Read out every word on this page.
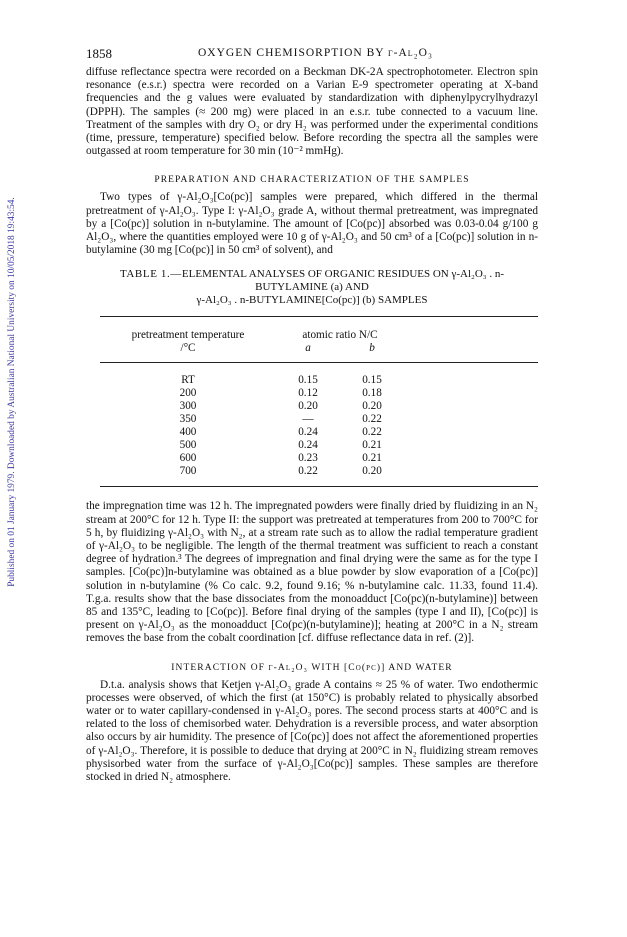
Published on 01 January 1979. Downloaded by Australian National University on 10/05/2018 19:43:54.
1858	OXYGEN CHEMISORPTION BY γ-Al₂O₃

diffuse reflectance spectra were recorded on a Beckman DK-2A spectrophotometer. Electron spin resonance (e.s.r.) spectra were recorded on a Varian E-9 spectrometer operating at X-band frequencies and the g values were evaluated by standardization with diphenylpycrylhydrazyl (DPPH). The samples (≈ 200 mg) were placed in an e.s.r. tube connected to a vacuum line. Treatment of the samples with dry O₂ or dry H₂ was performed under the experimental conditions (time, pressure, temperature) specified below. Before recording the spectra all the samples were outgassed at room temperature for 30 min (10⁻² mmHg).

PREPARATION AND CHARACTERIZATION OF THE SAMPLES

Two types of γ-Al₂O₃[Co(pc)] samples were prepared, which differed in the thermal pretreatment of γ-Al₂O₃. Type I: γ-Al₂O₃ grade A, without thermal pretreatment, was impregnated by a [Co(pc)] solution in n-butylamine. The amount of [Co(pc)] absorbed was 0.03-0.04 g/100 g Al₂O₃, where the quantities employed were 10 g of γ-Al₂O₃ and 50 cm³ of a [Co(pc)] solution in n-butylamine (30 mg [Co(pc)] in 50 cm³ of solvent), and

TABLE 1.—ELEMENTAL ANALYSES OF ORGANIC RESIDUES ON γ-Al₂O₃ . n-BUTYLAMINE (a) AND
γ-Al₂O₃ . n-BUTYLAMINE[Co(pc)] (b) SAMPLES
pretreatment temperature	atomic ratio N/C		
/°C	a	b	
RT	0.15	0.15	
200	0.12	0.18	
300	0.20	0.20	
350	—	0.22	
400	0.24	0.22	
500	0.24	0.21	
600	0.23	0.21	
700	0.22	0.20	

the impregnation time was 12 h. The impregnated powders were finally dried by fluidizing in an N₂ stream at 200°C for 12 h. Type II: the support was pretreated at temperatures from 200 to 700°C for 5 h, by fluidizing γ-Al₂O₃ with N₂, at a stream rate such as to allow the radial temperature gradient of γ-Al₂O₃ to be negligible. The length of the thermal treatment was sufficient to reach a constant degree of hydration.³ The degrees of impregnation and final drying were the same as for the type I samples. [Co(pc)]n-butylamine was obtained as a blue powder by slow evaporation of a [Co(pc)] solution in n-butylamine (% Co calc. 9.2, found 9.16; % n-butylamine calc. 11.33, found 11.4). T.g.a. results show that the base dissociates from the monoadduct [Co(pc)(n-butylamine)] between 85 and 135°C, leading to [Co(pc)]. Before final drying of the samples (type I and II), [Co(pc)] is present on γ-Al₂O₃ as the monoadduct [Co(pc)(n-butylamine)]; heating at 200°C in a N₂ stream removes the base from the cobalt coordination [cf. diffuse reflectance data in ref. (2)].

INTERACTION OF γ-Al₂O₃ WITH [Co(pc)] AND WATER

D.t.a. analysis shows that Ketjen γ-Al₂O₃ grade A contains ≈ 25 % of water. Two endothermic processes were observed, of which the first (at 150°C) is probably related to physically absorbed water or to water capillary-condensed in γ-Al₂O₃ pores. The second process starts at 400°C and is related to the loss of chemisorbed water. Dehydration is a reversible process, and water absorption also occurs by air humidity. The presence of [Co(pc)] does not affect the aforementioned properties of γ-Al₂O₃. Therefore, it is possible to deduce that drying at 200°C in N₂ fluidizing stream removes physisorbed water from the surface of γ-Al₂O₃[Co(pc)] samples. These samples are therefore stocked in dried N₂ atmosphere.
